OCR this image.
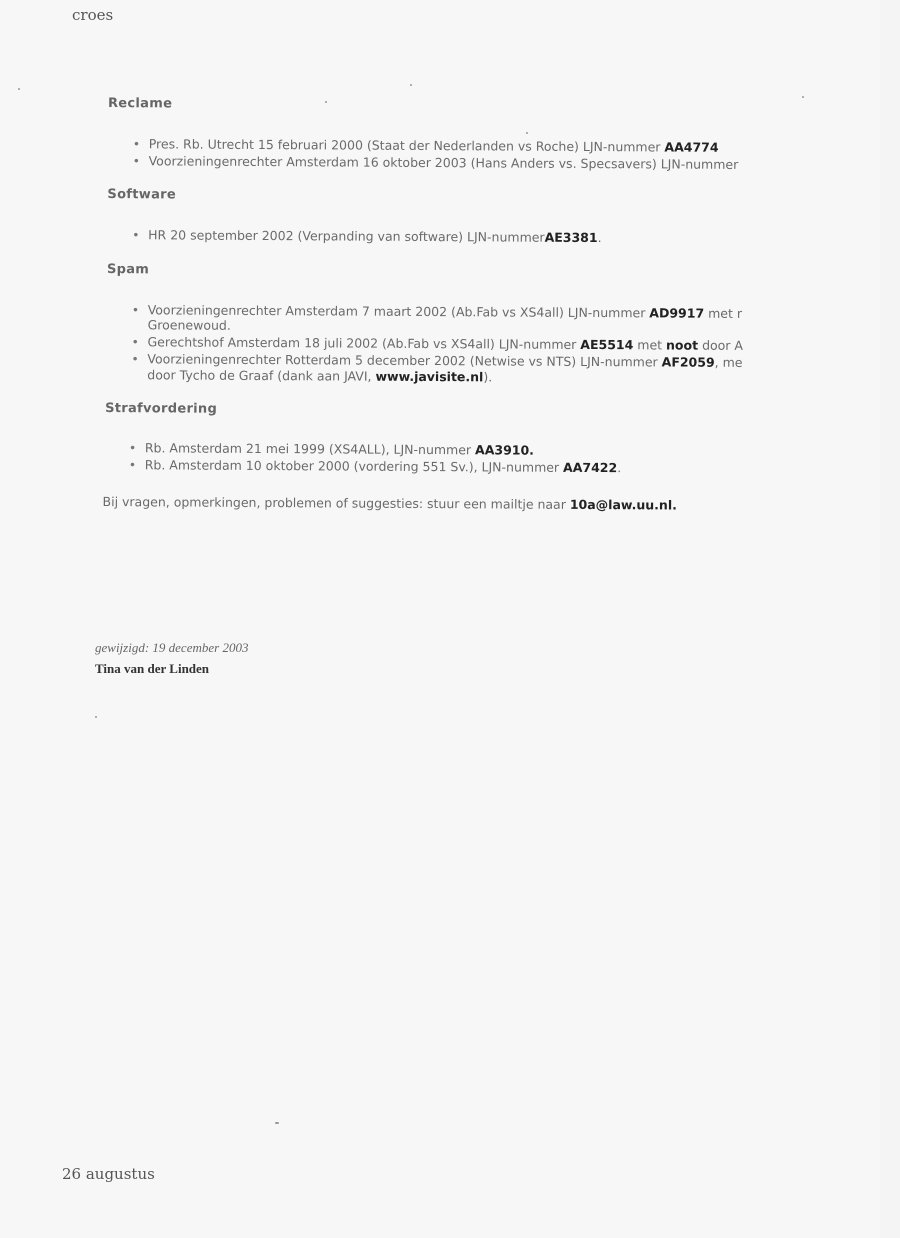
croes
Reclame
• Pres. Rb. Utrecht 15 februari 2000 (Staat der Nederlanden vs Roche) LJN-nummer AA4774
• Voorzieningenrechter Amsterdam 16 oktober 2003 (Hans Anders vs. Specsavers) LJN-nummer
Software
• HR 20 september 2002 (Verpanding van software) LJN-nummerAE3381.
Spam
• Voorzieningenrechter Amsterdam 7 maart 2002 (Ab.Fab vs XS4all) LJN-nummer AD9917 met r
Groenewoud.
• Gerechtshof Amsterdam 18 juli 2002 (Ab.Fab vs XS4all) LJN-nummer AE5514 met noot door A
• Voorzieningenrechter Rotterdam 5 december 2002 (Netwise vs NTS) LJN-nummer AF2059, me
door Tycho de Graaf (dank aan JAVI, www.javisite.nl).
Strafvordering
• Rb. Amsterdam 21 mei 1999 (XS4ALL), LJN-nummer AA3910.
• Rb. Amsterdam 10 oktober 2000 (vordering 551 Sv.), LJN-nummer AA7422.
Bij vragen, opmerkingen, problemen of suggesties: stuur een mailtje naar 10a@law.uu.nl.
gewijzigd: 19 december 2003
Tina van der Linden
26 augustus
